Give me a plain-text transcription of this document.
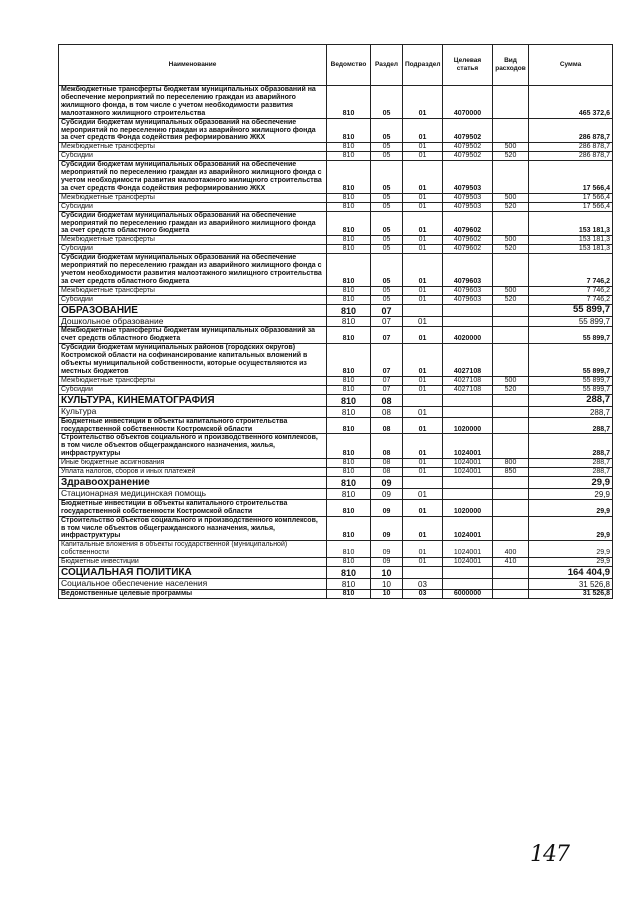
Наименование	Ведомство	Раздел	Подраздел	Целевая статья	Вид расходов	Сумма
Межбюджетные трансферты бюджетам муниципальных образований на обеспечение мероприятий по переселению граждан из аварийного жилищного фонда, в том числе с учетом необходимости развития малоэтажного жилищного строительства	810	05	01	4070000		465 372,6
Субсидии бюджетам муниципальных образований на обеспечение мероприятий по переселению граждан из аварийного жилищного фонда за счет средств Фонда содействия реформированию ЖКХ	810	05	01	4079502		286 878,7
Межбюджетные трансферты	810	05	01	4079502	500	286 878,7
Субсидии	810	05	01	4079502	520	286 878,7
Субсидии бюджетам муниципальных образований на обеспечение мероприятий по переселению граждан из аварийного жилищного фонда с учетом необходимости развития малоэтажного жилищного строительства за счет средств Фонда содействия реформированию ЖКХ	810	05	01	4079503		17 566,4
Межбюджетные трансферты	810	05	01	4079503	500	17 566,4
Субсидии	810	05	01	4079503	520	17 566,4
Субсидии бюджетам муниципальных образований на обеспечение мероприятий по переселению граждан из аварийного жилищного фонда за счет средств областного бюджета	810	05	01	4079602		153 181,3
Межбюджетные трансферты	810	05	01	4079602	500	153 181,3
Субсидии	810	05	01	4079602	520	153 181,3
Субсидии бюджетам муниципальных образований на обеспечение мероприятий по переселению граждан из аварийного жилищного фонда с учетом необходимости развития малоэтажного жилищного строительства за счет средств областного бюджета	810	05	01	4079603		7 746,2
Межбюджетные трансферты	810	05	01	4079603	500	7 746,2
Субсидии	810	05	01	4079603	520	7 746,2
ОБРАЗОВАНИЕ	810	07				55 899,7
Дошкольное образование	810	07	01			55 899,7
Межбюджетные трансферты бюджетам муниципальных образований за счет средств областного бюджета	810	07	01	4020000		55 899,7
Субсидии бюджетам муниципальных районов (городских округов) Костромской области на софинансирование капитальных вложений в объекты муниципальной собственности, которые осуществляются из местных бюджетов	810	07	01	4027108		55 899,7
Межбюджетные трансферты	810	07	01	4027108	500	55 899,7
Субсидии	810	07	01	4027108	520	55 899,7
КУЛЬТУРА, КИНЕМАТОГРАФИЯ	810	08				288,7
Культура	810	08	01			288,7
Бюджетные инвестиции в объекты капитального строительства государственной собственности Костромской области	810	08	01	1020000		288,7
Строительство объектов социального и производственного комплексов, в том числе объектов общегражданского назначения, жилья, инфраструктуры	810	08	01	1024001		288,7
Иные бюджетные ассигнования	810	08	01	1024001	800	288,7
Уплата налогов, сборов и иных платежей	810	08	01	1024001	850	288,7
Здравоохранение	810	09				29,9
Стационарная медицинская помощь	810	09	01			29,9
Бюджетные инвестиции в объекты капитального строительства государственной собственности Костромской области	810	09	01	1020000		29,9
Строительство объектов социального и производственного комплексов, в том числе объектов общегражданского назначения, жилья, инфраструктуры	810	09	01	1024001		29,9
Капитальные вложения в объекты государственной (муниципальной) собственности	810	09	01	1024001	400	29,9
Бюджетные инвестиции	810	09	01	1024001	410	29,9
СОЦИАЛЬНАЯ ПОЛИТИКА	810	10				164 404,9
Социальное обеспечение населения	810	10	03			31 526,8
Ведомственные целевые программы	810	10	03	6000000		31 526,8
147
